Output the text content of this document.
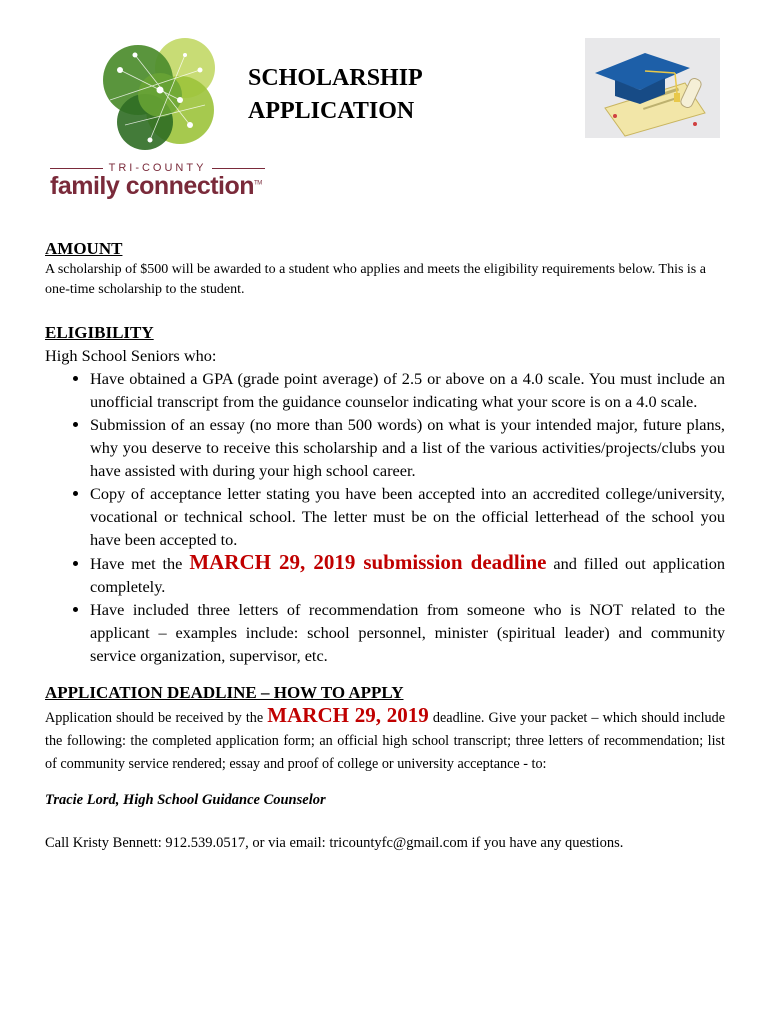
TRI-COUNTY
family connection™
SCHOLARSHIP
APPLICATION
AMOUNT

A scholarship of $500 will be awarded to a student who applies and meets the eligibility requirements below. This is a one-time scholarship to the student.

ELIGIBILITY

High School Seniors who:

• Have obtained a GPA (grade point average) of 2.5 or above on a 4.0 scale. You must include an unofficial transcript from the guidance counselor indicating what your score is on a 4.0 scale.
• Submission of an essay (no more than 500 words) on what is your intended major, future plans, why you deserve to receive this scholarship and a list of the various activities/projects/clubs you have assisted with during your high school career.
• Copy of acceptance letter stating you have been accepted into an accredited college/university, vocational or technical school. The letter must be on the official letterhead of the school you have been accepted to.
• Have met the MARCH 29, 2019 submission deadline and filled out application completely.
• Have included three letters of recommendation from someone who is NOT related to the applicant – examples include: school personnel, minister (spiritual leader) and community service organization, supervisor, etc.
APPLICATION DEADLINE – HOW TO APPLY

Application should be received by the MARCH 29, 2019 deadline. Give your packet – which should include the following: the completed application form; an official high school transcript; three letters of recommendation; list of community service rendered; essay and proof of college or university acceptance - to:

Tracie Lord, High School Guidance Counselor
Call Kristy Bennett: 912.539.0517, or via email: tricountyfc@gmail.com if you have any questions.
